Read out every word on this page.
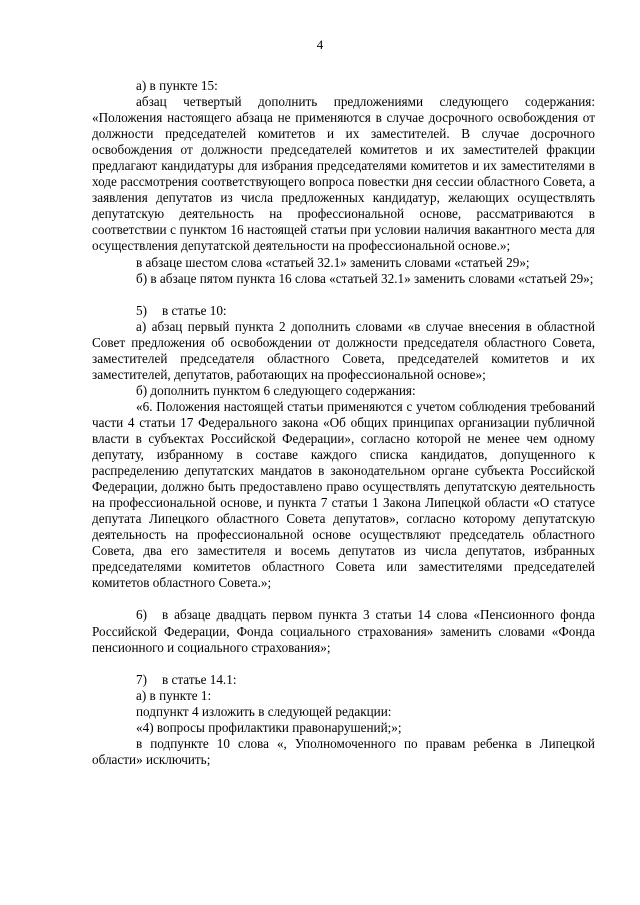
4

а) в пункте 15:

абзац четвертый дополнить предложениями следующего содержания: «Положения настоящего абзаца не применяются в случае досрочного освобождения от должности председателей комитетов и их заместителей. В случае досрочного освобождения от должности председателей комитетов и их заместителей фракции предлагают кандидатуры для избрания председателями комитетов и их заместителями в ходе рассмотрения соответствующего вопроса повестки дня сессии областного Совета, а заявления депутатов из числа предложенных кандидатур, желающих осуществлять депутатскую деятельность на профессиональной основе, рассматриваются в соответствии с пунктом 16 настоящей статьи при условии наличия вакантного места для осуществления депутатской деятельности на профессиональной основе.»;

в абзаце шестом слова «статьей 32.1» заменить словами «статьей 29»;

б) в абзаце пятом пункта 16 слова «статьей 32.1» заменить словами «статьей 29»;

5) в статье 10:

а) абзац первый пункта 2 дополнить словами «в случае внесения в областной Совет предложения об освобождении от должности председателя областного Совета, заместителей председателя областного Совета, председателей комитетов и их заместителей, депутатов, работающих на профессиональной основе»;

б) дополнить пунктом 6 следующего содержания:

«6. Положения настоящей статьи применяются с учетом соблюдения требований части 4 статьи 17 Федерального закона «Об общих принципах организации публичной власти в субъектах Российской Федерации», согласно которой не менее чем одному депутату, избранному в составе каждого списка кандидатов, допущенного к распределению депутатских мандатов в законодательном органе субъекта Российской Федерации, должно быть предоставлено право осуществлять депутатскую деятельность на профессиональной основе, и пункта 7 статьи 1 Закона Липецкой области «О статусе депутата Липецкого областного Совета депутатов», согласно которому депутатскую деятельность на профессиональной основе осуществляют председатель областного Совета, два его заместителя и восемь депутатов из числа депутатов, избранных председателями комитетов областного Совета или заместителями председателей комитетов областного Совета.»;

6) в абзаце двадцать первом пункта 3 статьи 14 слова «Пенсионного фонда Российской Федерации, Фонда социального страхования» заменить словами «Фонда пенсионного и социального страхования»;

7) в статье 14.1:

а) в пункте 1:

подпункт 4 изложить в следующей редакции:

«4) вопросы профилактики правонарушений;»;

в подпункте 10 слова «, Уполномоченного по правам ребенка в Липецкой области» исключить;
